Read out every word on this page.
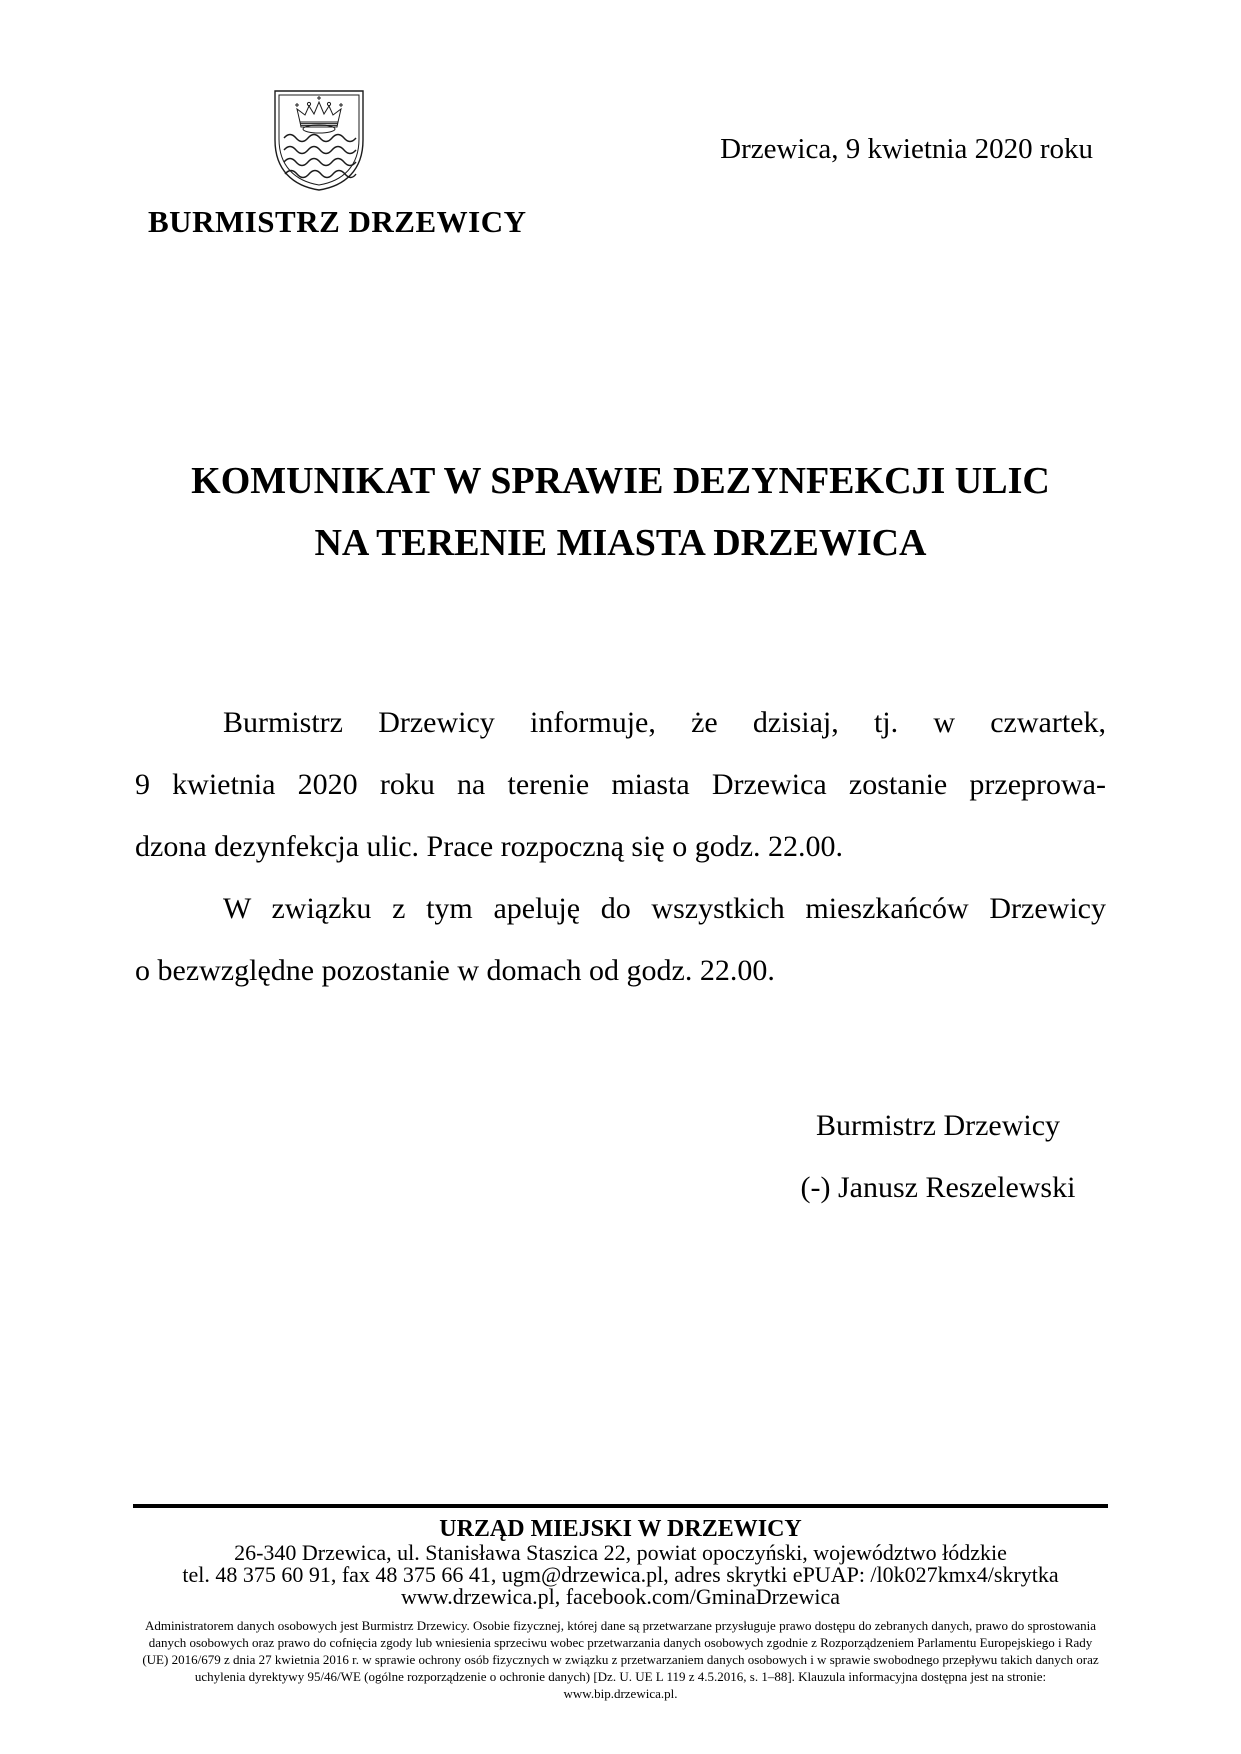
BURMISTRZ DRZEWICY
Drzewica, 9 kwietnia 2020 roku
KOMUNIKAT W SPRAWIE DEZYNFEKCJI ULIC
NA TERENIE MIASTA DRZEWICA
Burmistrz Drzewicy informuje, że dzisiaj, tj. w czwartek,
9 kwietnia 2020 roku na terenie miasta Drzewica zostanie przeprowa-
dzona dezynfekcja ulic. Prace rozpoczną się o godz. 22.00.
W związku z tym apeluję do wszystkich mieszkańców Drzewicy
o bezwzględne pozostanie w domach od godz. 22.00.
Burmistrz Drzewicy
(-) Janusz Reszelewski
URZĄD MIEJSKI W DRZEWICY
26-340 Drzewica, ul. Stanisława Staszica 22, powiat opoczyński, województwo łódzkie
tel. 48 375 60 91, fax 48 375 66 41, ugm@drzewica.pl, adres skrytki ePUAP: /l0k027kmx4/skrytka
www.drzewica.pl, facebook.com/GminaDrzewica
Administratorem danych osobowych jest Burmistrz Drzewicy. Osobie fizycznej, której dane są przetwarzane przysługuje prawo dostępu do zebranych danych, prawo do sprostowania danych osobowych oraz prawo do cofnięcia zgody lub wniesienia sprzeciwu wobec przetwarzania danych osobowych zgodnie z Rozporządzeniem Parlamentu Europejskiego i Rady (UE) 2016/679 z dnia 27 kwietnia 2016 r. w sprawie ochrony osób fizycznych w związku z przetwarzaniem danych osobowych i w sprawie swobodnego przepływu takich danych oraz uchylenia dyrektywy 95/46/WE (ogólne rozporządzenie o ochronie danych) [Dz. U. UE L 119 z 4.5.2016, s. 1–88]. Klauzula informacyjna dostępna jest na stronie: www.bip.drzewica.pl.
